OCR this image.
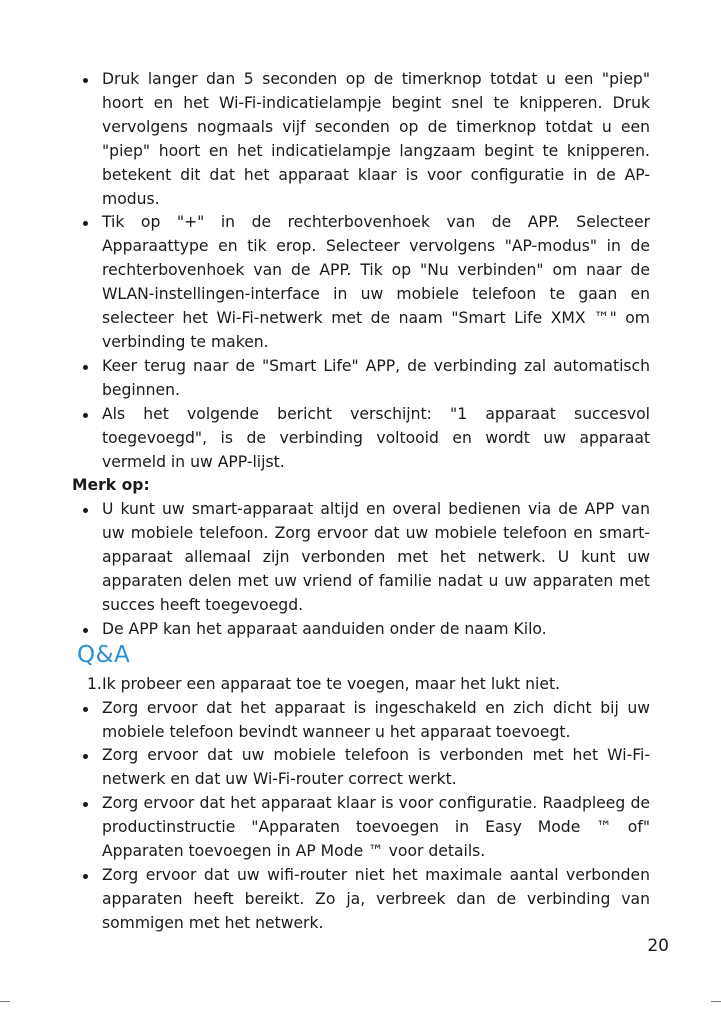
Druk langer dan 5 seconden op de timerknop totdat u een "piep" hoort en het Wi-Fi-indicatielampje begint snel te knipperen. Druk vervolgens nogmaals vijf seconden op de timerknop totdat u een "piep" hoort en het indicatielampje langzaam begint te knipperen. betekent dit dat het apparaat klaar is voor configuratie in de AP-modus.
Tik op "+" in de rechterbovenhoek van de APP. Selecteer Apparaattype en tik erop. Selecteer vervolgens "AP-modus" in de rechterbovenhoek van de APP. Tik op "Nu verbinden" om naar de WLAN-instellingen-interface in uw mobiele telefoon te gaan en selecteer het Wi-Fi-netwerk met de naam "Smart Life XMX ™" om verbinding te maken.
Keer terug naar de "Smart Life" APP, de verbinding zal automatisch beginnen.
Als het volgende bericht verschijnt: "1 apparaat succesvol toegevoegd", is de verbinding voltooid en wordt uw apparaat vermeld in uw APP-lijst.

Merk op:

U kunt uw smart-apparaat altijd en overal bedienen via de APP van uw mobiele telefoon. Zorg ervoor dat uw mobiele telefoon en smart-apparaat allemaal zijn verbonden met het netwerk. U kunt uw apparaten delen met uw vriend of familie nadat u uw apparaten met succes heeft toegevoegd.
De APP kan het apparaat aanduiden onder de naam Kilo.
Q&A
1. Ik probeer een apparaat toe te voegen, maar het lukt niet.
Zorg ervoor dat het apparaat is ingeschakeld en zich dicht bij uw mobiele telefoon bevindt wanneer u het apparaat toevoegt.
Zorg ervoor dat uw mobiele telefoon is verbonden met het Wi-Fi-netwerk en dat uw Wi-Fi-router correct werkt.
Zorg ervoor dat het apparaat klaar is voor configuratie. Raadpleeg de productinstructie "Apparaten toevoegen in Easy Mode ™ of" Apparaten toevoegen in AP Mode ™ voor details.
Zorg ervoor dat uw wifi-router niet het maximale aantal verbonden apparaten heeft bereikt. Zo ja, verbreek dan de verbinding van sommigen met het netwerk.
20
